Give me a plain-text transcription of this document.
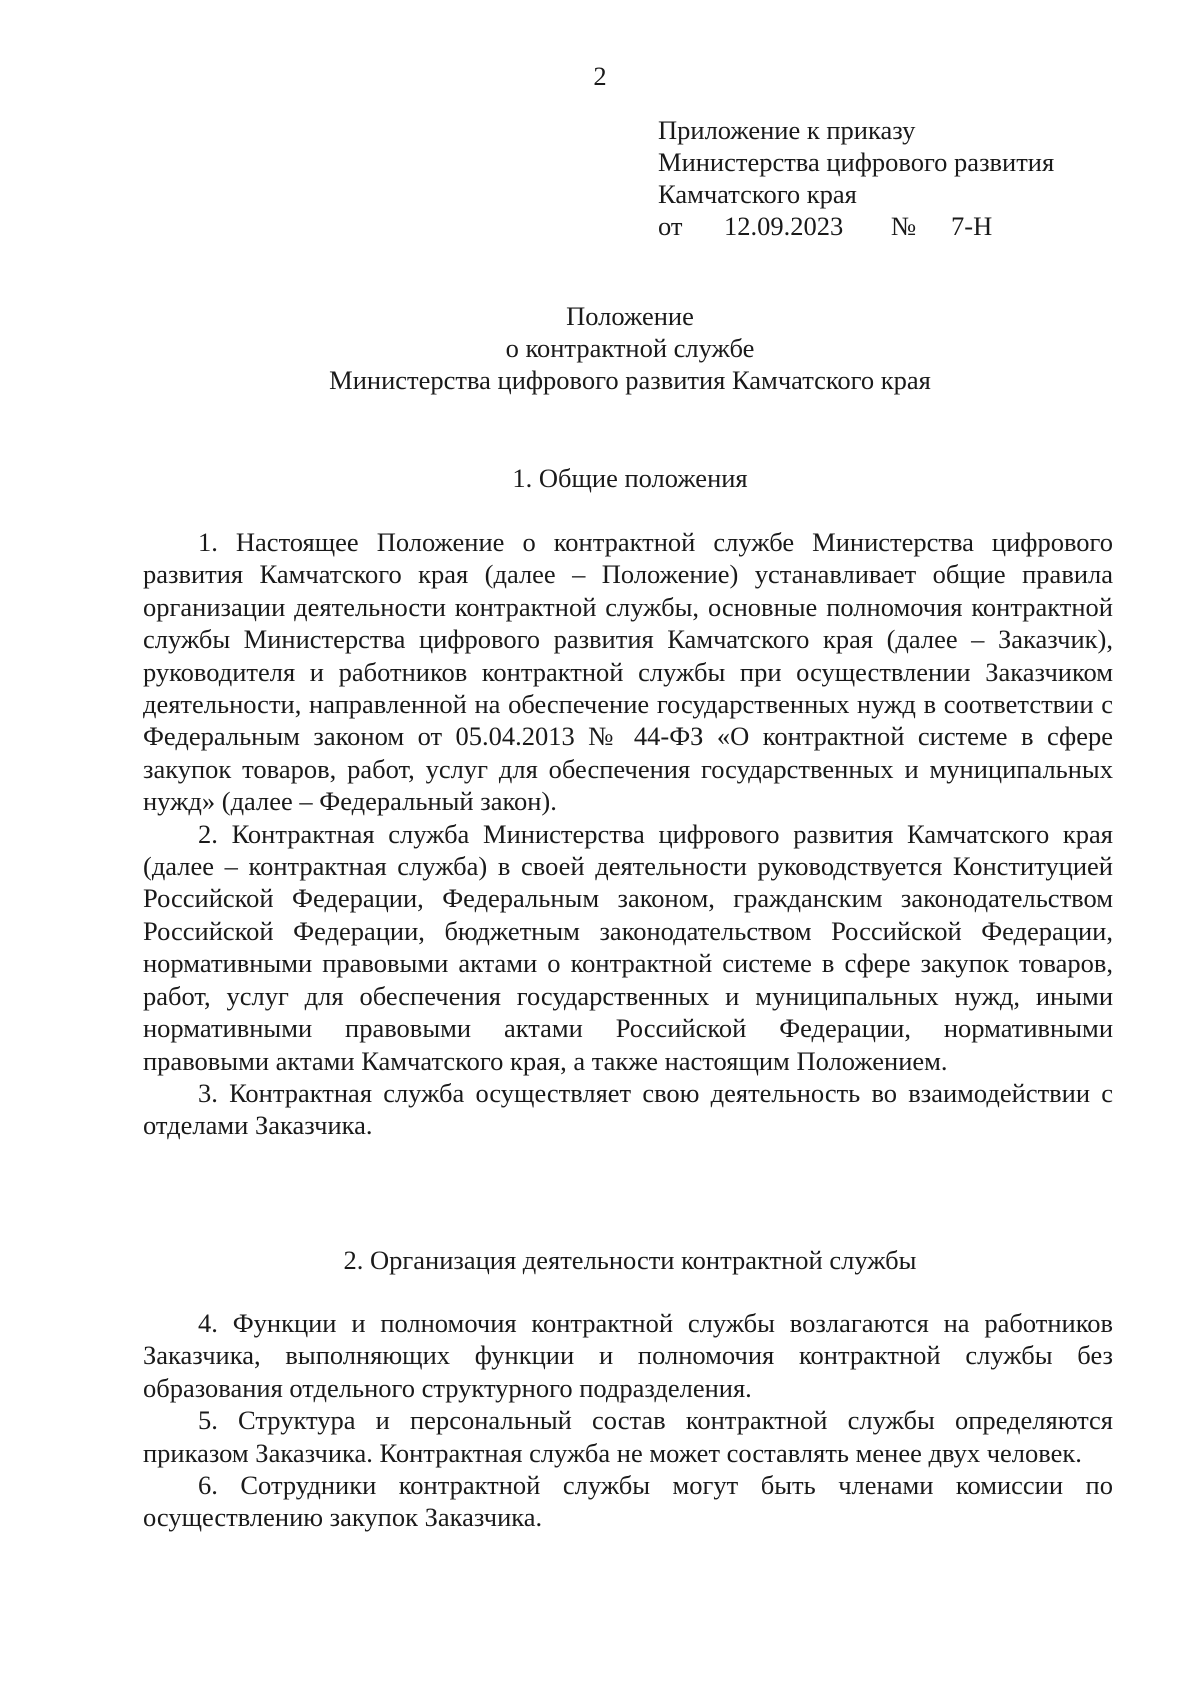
2
Приложение к приказу
Министерства цифрового развития
Камчатского края
от 12.09.2023 № 7-Н
Положение
о контрактной службе
Министерства цифрового развития Камчатского края
1. Общие положения

1. Настоящее Положение о контрактной службе Министерства цифрового развития Камчатского края (далее – Положение) устанавливает общие правила организации деятельности контрактной службы, основные полномочия контрактной службы Министерства цифрового развития Камчатского края (далее – Заказчик), руководителя и работников контрактной службы при осуществлении Заказчиком деятельности, направленной на обеспечение государственных нужд в соответствии с Федеральным законом от 05.04.2013 № 44-ФЗ «О контрактной системе в сфере закупок товаров, работ, услуг для обеспечения государственных и муниципальных нужд» (далее – Федеральный закон).

2. Контрактная служба Министерства цифрового развития Камчатского края (далее – контрактная служба) в своей деятельности руководствуется Конституцией Российской Федерации, Федеральным законом, гражданским законодательством Российской Федерации, бюджетным законодательством Российской Федерации, нормативными правовыми актами о контрактной системе в сфере закупок товаров, работ, услуг для обеспечения государственных и муниципальных нужд, иными нормативными правовыми актами Российской Федерации, нормативными правовыми актами Камчатского края, а также настоящим Положением.

3. Контрактная служба осуществляет свою деятельность во взаимодействии с отделами Заказчика.

2. Организация деятельности контрактной службы

4. Функции и полномочия контрактной службы возлагаются на работников Заказчика, выполняющих функции и полномочия контрактной службы без образования отдельного структурного подразделения.

5. Структура и персональный состав контрактной службы определяются приказом Заказчика. Контрактная служба не может составлять менее двух человек.

6. Сотрудники контрактной службы могут быть членами комиссии по осуществлению закупок Заказчика.
